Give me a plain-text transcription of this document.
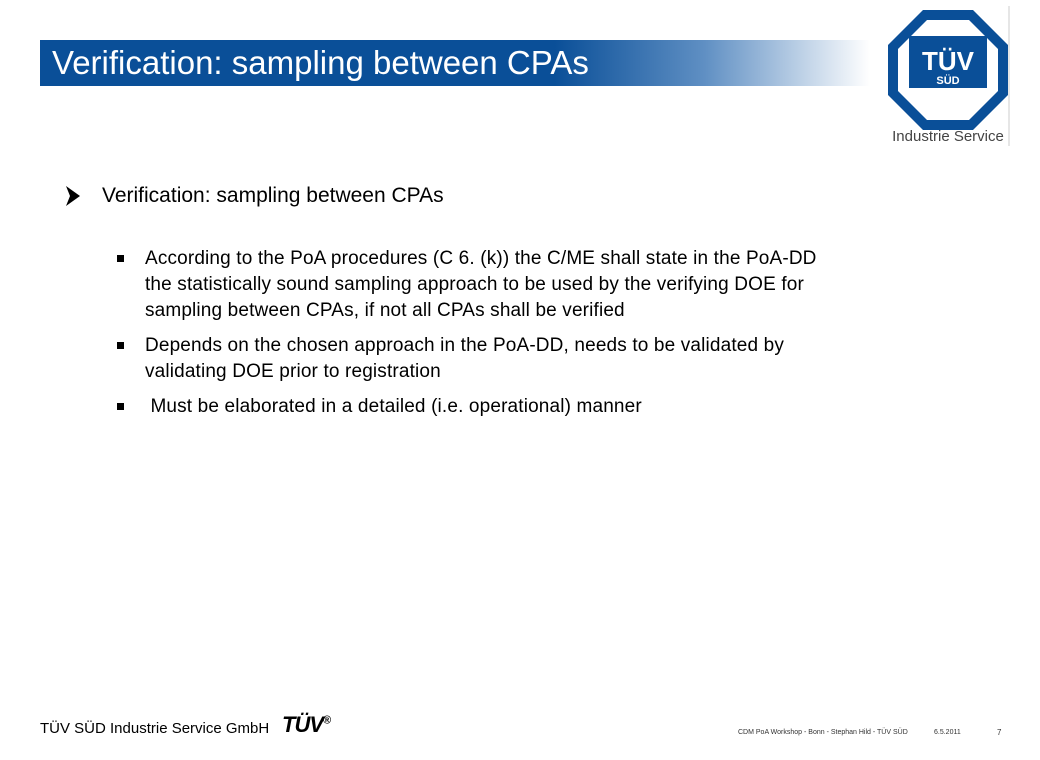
Verification: sampling between CPAs	TÜV
SÜD
Industrie Service
Verification: sampling between CPAs
According to the PoA procedures (C 6. (k)) the C/ME shall state in the PoA-DD the statistically sound sampling approach to be used by the verifying DOE for sampling between CPAs, if not all CPAs shall be verified
Depends on the chosen approach in the PoA-DD, needs to be validated by validating DOE prior to registration
Must be elaborated in a detailed (i.e. operational) manner
TÜV SÜD Industrie Service GmbH TÜV®
CDM PoA Workshop - Bonn - Stephan Hild - TÜV SÜD	6.5.2011	7
